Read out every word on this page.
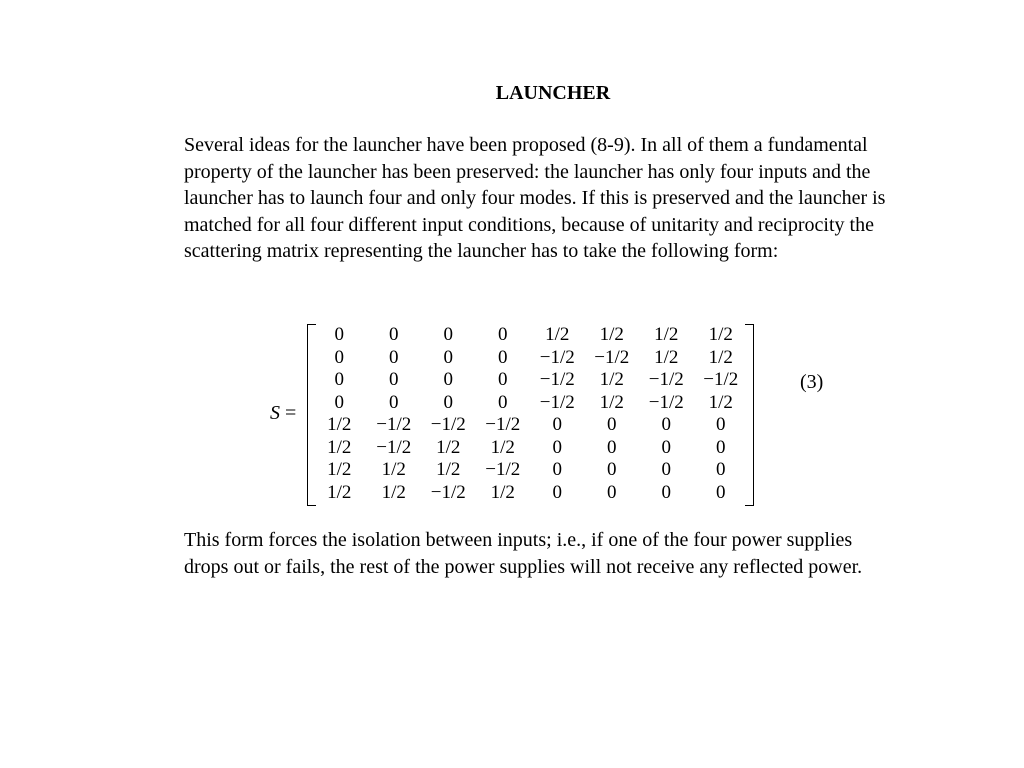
LAUNCHER
Several ideas for the launcher have been proposed (8-9). In all of them a fundamental property of the launcher has been preserved: the launcher has only four inputs and the launcher has to launch four and only four modes. If this is preserved and the launcher is matched for all four different input conditions, because of unitarity and reciprocity the scattering matrix representing the launcher has to take the following form:
S =
0	0	0	0	1/2	1/2	1/2	1/2
0	0	0	0	−1/2	−1/2	1/2	1/2
0	0	0	0	−1/2	1/2	−1/2	−1/2
0	0	0	0	−1/2	1/2	−1/2	1/2
1/2	−1/2	−1/2	−1/2	0	0	0	0
1/2	−1/2	1/2	1/2	0	0	0	0
1/2	1/2	1/2	−1/2	0	0	0	0
1/2	1/2	−1/2	1/2	0	0	0	0
(3)
This form forces the isolation between inputs; i.e., if one of the four power supplies drops out or fails, the rest of the power supplies will not receive any reflected power.
